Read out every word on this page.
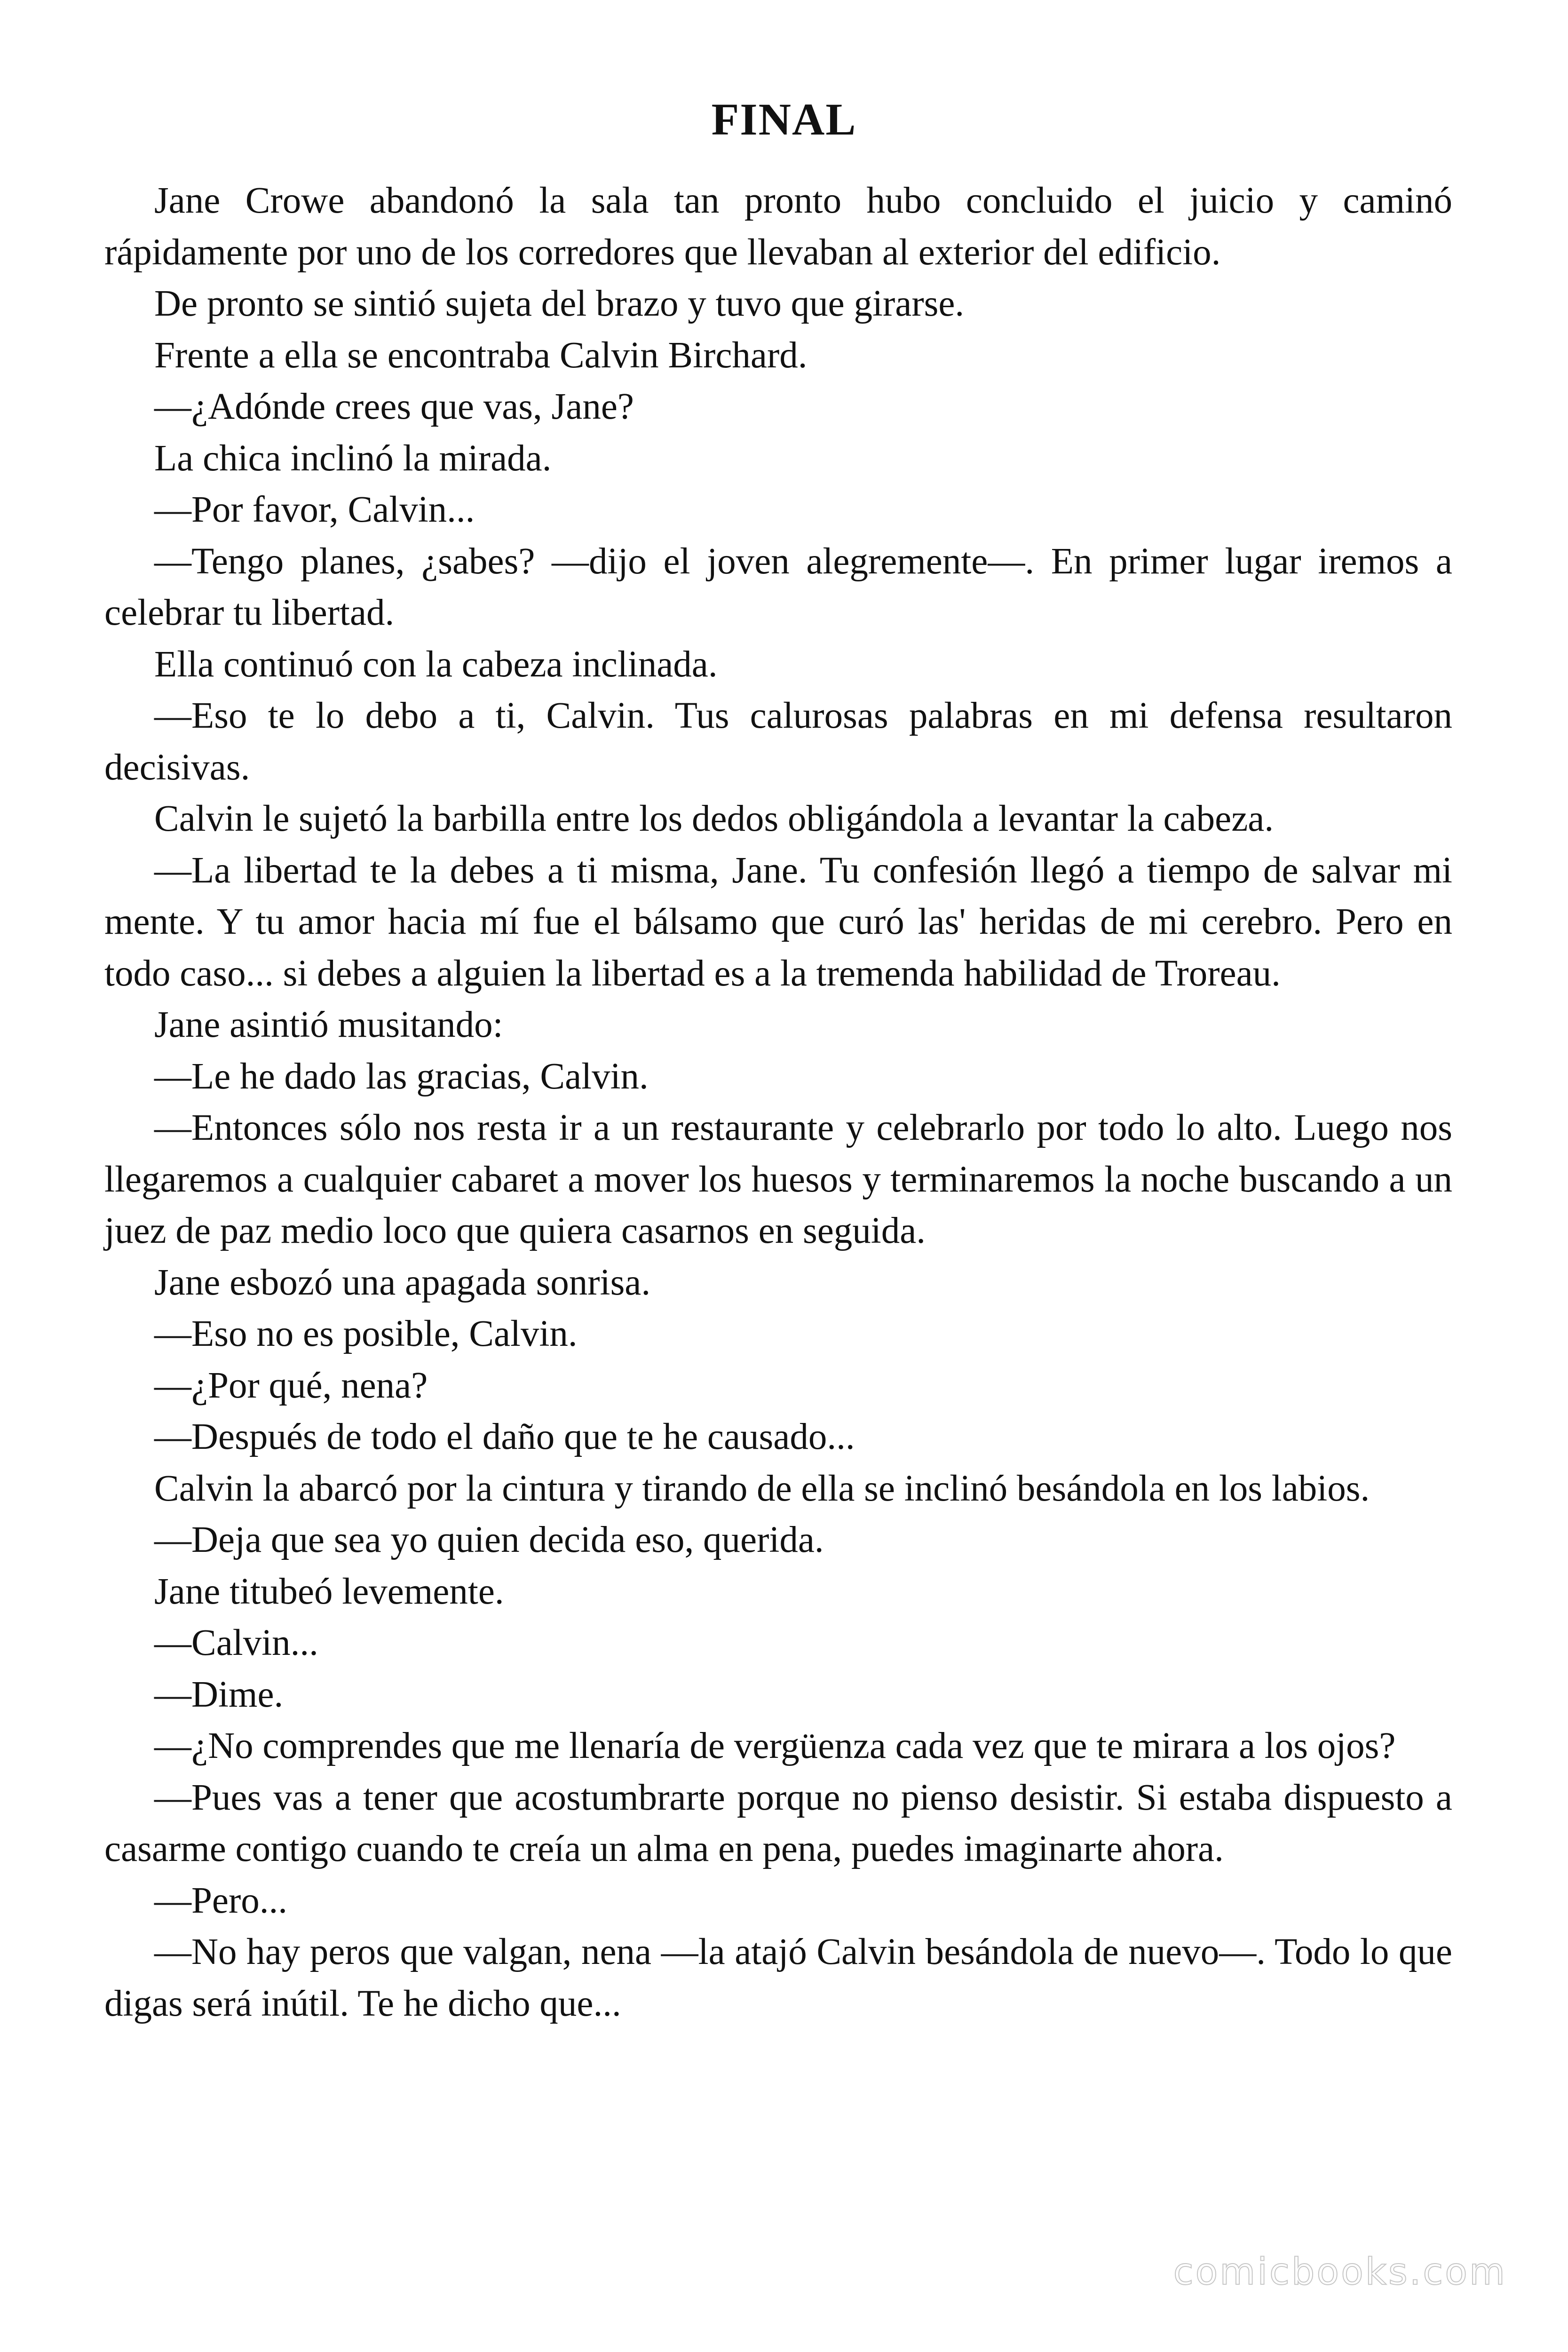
FINAL

Jane Crowe abandonó la sala tan pronto hubo concluido el juicio y caminó rápidamente por uno de los corredores que llevaban al exterior del edificio.

De pronto se sintió sujeta del brazo y tuvo que girarse.

Frente a ella se encontraba Calvin Birchard.

—¿Adónde crees que vas, Jane?

La chica inclinó la mirada.

—Por favor, Calvin...

—Tengo planes, ¿sabes? —dijo el joven alegremente—. En primer lugar iremos a celebrar tu libertad.

Ella continuó con la cabeza inclinada.

—Eso te lo debo a ti, Calvin. Tus calurosas palabras en mi defensa resultaron decisivas.

Calvin le sujetó la barbilla entre los dedos obligándola a levantar la cabeza.

—La libertad te la debes a ti misma, Jane. Tu confesión llegó a tiempo de salvar mi mente. Y tu amor hacia mí fue el bálsamo que curó las' heridas de mi cerebro. Pero en todo caso... si debes a alguien la libertad es a la tremenda habilidad de Troreau.

Jane asintió musitando:

—Le he dado las gracias, Calvin.

—Entonces sólo nos resta ir a un restaurante y celebrarlo por todo lo alto. Luego nos llegaremos a cualquier cabaret a mover los huesos y terminaremos la noche buscando a un juez de paz medio loco que quiera casarnos en seguida.

Jane esbozó una apagada sonrisa.

—Eso no es posible, Calvin.

—¿Por qué, nena?

—Después de todo el daño que te he causado...

Calvin la abarcó por la cintura y tirando de ella se inclinó besándola en los labios.

—Deja que sea yo quien decida eso, querida.

Jane titubeó levemente.

—Calvin...

—Dime.

—¿No comprendes que me llenaría de vergüenza cada vez que te mirara a los ojos?

—Pues vas a tener que acostumbrarte porque no pienso desistir. Si estaba dispuesto a casarme contigo cuando te creía un alma en pena, puedes imaginarte ahora.

—Pero...

—No hay peros que valgan, nena —la atajó Calvin besándola de nuevo—. Todo lo que digas será inútil. Te he dicho que...

comicbooks.com
